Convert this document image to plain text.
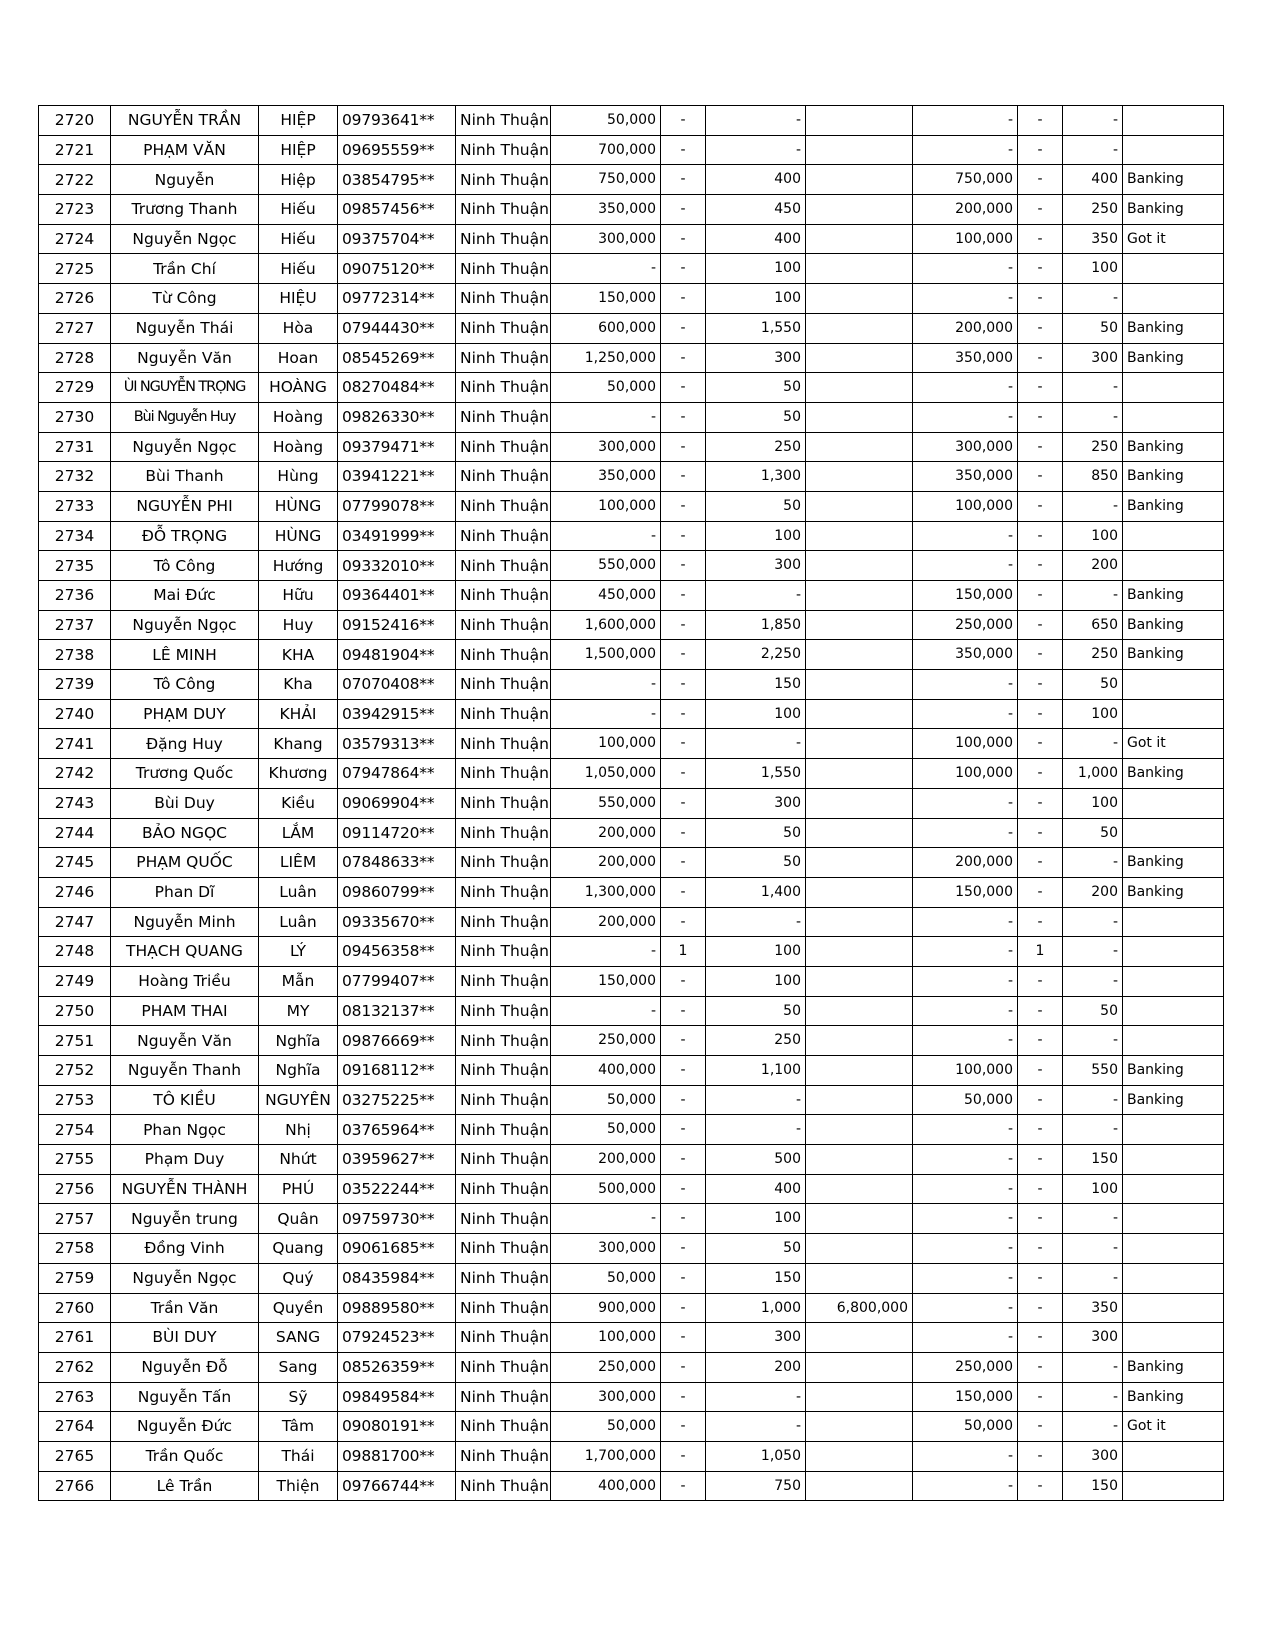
2720	NGUYỄN TRẦN	HIỆP	09793641**	Ninh Thuận	50,000	-	-		-	-	-	
2721	PHẠM VĂN	HIỆP	09695559**	Ninh Thuận	700,000	-	-		-	-	-	
2722	Nguyễn	Hiệp	03854795**	Ninh Thuận	750,000	-	400		750,000	-	400	Banking
2723	Trương Thanh	Hiếu	09857456**	Ninh Thuận	350,000	-	450		200,000	-	250	Banking
2724	Nguyễn Ngọc	Hiếu	09375704**	Ninh Thuận	300,000	-	400		100,000	-	350	Got it
2725	Trần Chí	Hiếu	09075120**	Ninh Thuận	-	-	100		-	-	100	
2726	Từ Công	HIỆU	09772314**	Ninh Thuận	150,000	-	100		-	-	-	
2727	Nguyễn Thái	Hòa	07944430**	Ninh Thuận	600,000	-	1,550		200,000	-	50	Banking
2728	Nguyễn Văn	Hoan	08545269**	Ninh Thuận	1,250,000	-	300		350,000	-	300	Banking
2729	ÙI NGUYỄN TRỌNG	HOÀNG	08270484**	Ninh Thuận	50,000	-	50		-	-	-	
2730	Bùi Nguyễn Huy	Hoàng	09826330**	Ninh Thuận	-	-	50		-	-	-	
2731	Nguyễn Ngọc	Hoàng	09379471**	Ninh Thuận	300,000	-	250		300,000	-	250	Banking
2732	Bùi Thanh	Hùng	03941221**	Ninh Thuận	350,000	-	1,300		350,000	-	850	Banking
2733	NGUYỄN PHI	HÙNG	07799078**	Ninh Thuận	100,000	-	50		100,000	-	-	Banking
2734	ĐỖ TRỌNG	HÙNG	03491999**	Ninh Thuận	-	-	100		-	-	100	
2735	Tô Công	Hướng	09332010**	Ninh Thuận	550,000	-	300		-	-	200	
2736	Mai Đức	Hữu	09364401**	Ninh Thuận	450,000	-	-		150,000	-	-	Banking
2737	Nguyễn Ngọc	Huy	09152416**	Ninh Thuận	1,600,000	-	1,850		250,000	-	650	Banking
2738	LÊ MINH	KHA	09481904**	Ninh Thuận	1,500,000	-	2,250		350,000	-	250	Banking
2739	Tô Công	Kha	07070408**	Ninh Thuận	-	-	150		-	-	50	
2740	PHẠM DUY	KHẢI	03942915**	Ninh Thuận	-	-	100		-	-	100	
2741	Đặng Huy	Khang	03579313**	Ninh Thuận	100,000	-	-		100,000	-	-	Got it
2742	Trương Quốc	Khương	07947864**	Ninh Thuận	1,050,000	-	1,550		100,000	-	1,000	Banking
2743	Bùi Duy	Kiều	09069904**	Ninh Thuận	550,000	-	300		-	-	100	
2744	BẢO NGỌC	LẮM	09114720**	Ninh Thuận	200,000	-	50		-	-	50	
2745	PHẠM QUỐC	LIÊM	07848633**	Ninh Thuận	200,000	-	50		200,000	-	-	Banking
2746	Phan Dĩ	Luân	09860799**	Ninh Thuận	1,300,000	-	1,400		150,000	-	200	Banking
2747	Nguyễn Minh	Luân	09335670**	Ninh Thuận	200,000	-	-		-	-	-	
2748	THẠCH QUANG	LÝ	09456358**	Ninh Thuận	-	1	100		-	1	-	
2749	Hoàng Triều	Mẫn	07799407**	Ninh Thuận	150,000	-	100		-	-	-	
2750	PHAM THAI	MY	08132137**	Ninh Thuận	-	-	50		-	-	50	
2751	Nguyễn Văn	Nghĩa	09876669**	Ninh Thuận	250,000	-	250		-	-	-	
2752	Nguyễn Thanh	Nghĩa	09168112**	Ninh Thuận	400,000	-	1,100		100,000	-	550	Banking
2753	TÔ KIỀU	NGUYÊN	03275225**	Ninh Thuận	50,000	-	-		50,000	-	-	Banking
2754	Phan Ngọc	Nhị	03765964**	Ninh Thuận	50,000	-	-		-	-	-	
2755	Phạm Duy	Nhứt	03959627**	Ninh Thuận	200,000	-	500		-	-	150	
2756	NGUYỄN THÀNH	PHÚ	03522244**	Ninh Thuận	500,000	-	400		-	-	100	
2757	Nguyễn trung	Quân	09759730**	Ninh Thuận	-	-	100		-	-	-	
2758	Đồng Vinh	Quang	09061685**	Ninh Thuận	300,000	-	50		-	-	-	
2759	Nguyễn Ngọc	Quý	08435984**	Ninh Thuận	50,000	-	150		-	-	-	
2760	Trần Văn	Quyền	09889580**	Ninh Thuận	900,000	-	1,000	6,800,000	-	-	350	
2761	BÙI DUY	SANG	07924523**	Ninh Thuận	100,000	-	300		-	-	300	
2762	Nguyễn Đỗ	Sang	08526359**	Ninh Thuận	250,000	-	200		250,000	-	-	Banking
2763	Nguyễn Tấn	Sỹ	09849584**	Ninh Thuận	300,000	-	-		150,000	-	-	Banking
2764	Nguyễn Đức	Tâm	09080191**	Ninh Thuận	50,000	-	-		50,000	-	-	Got it
2765	Trần Quốc	Thái	09881700**	Ninh Thuận	1,700,000	-	1,050		-	-	300	
2766	Lê Trần	Thiện	09766744**	Ninh Thuận	400,000	-	750		-	-	150	
